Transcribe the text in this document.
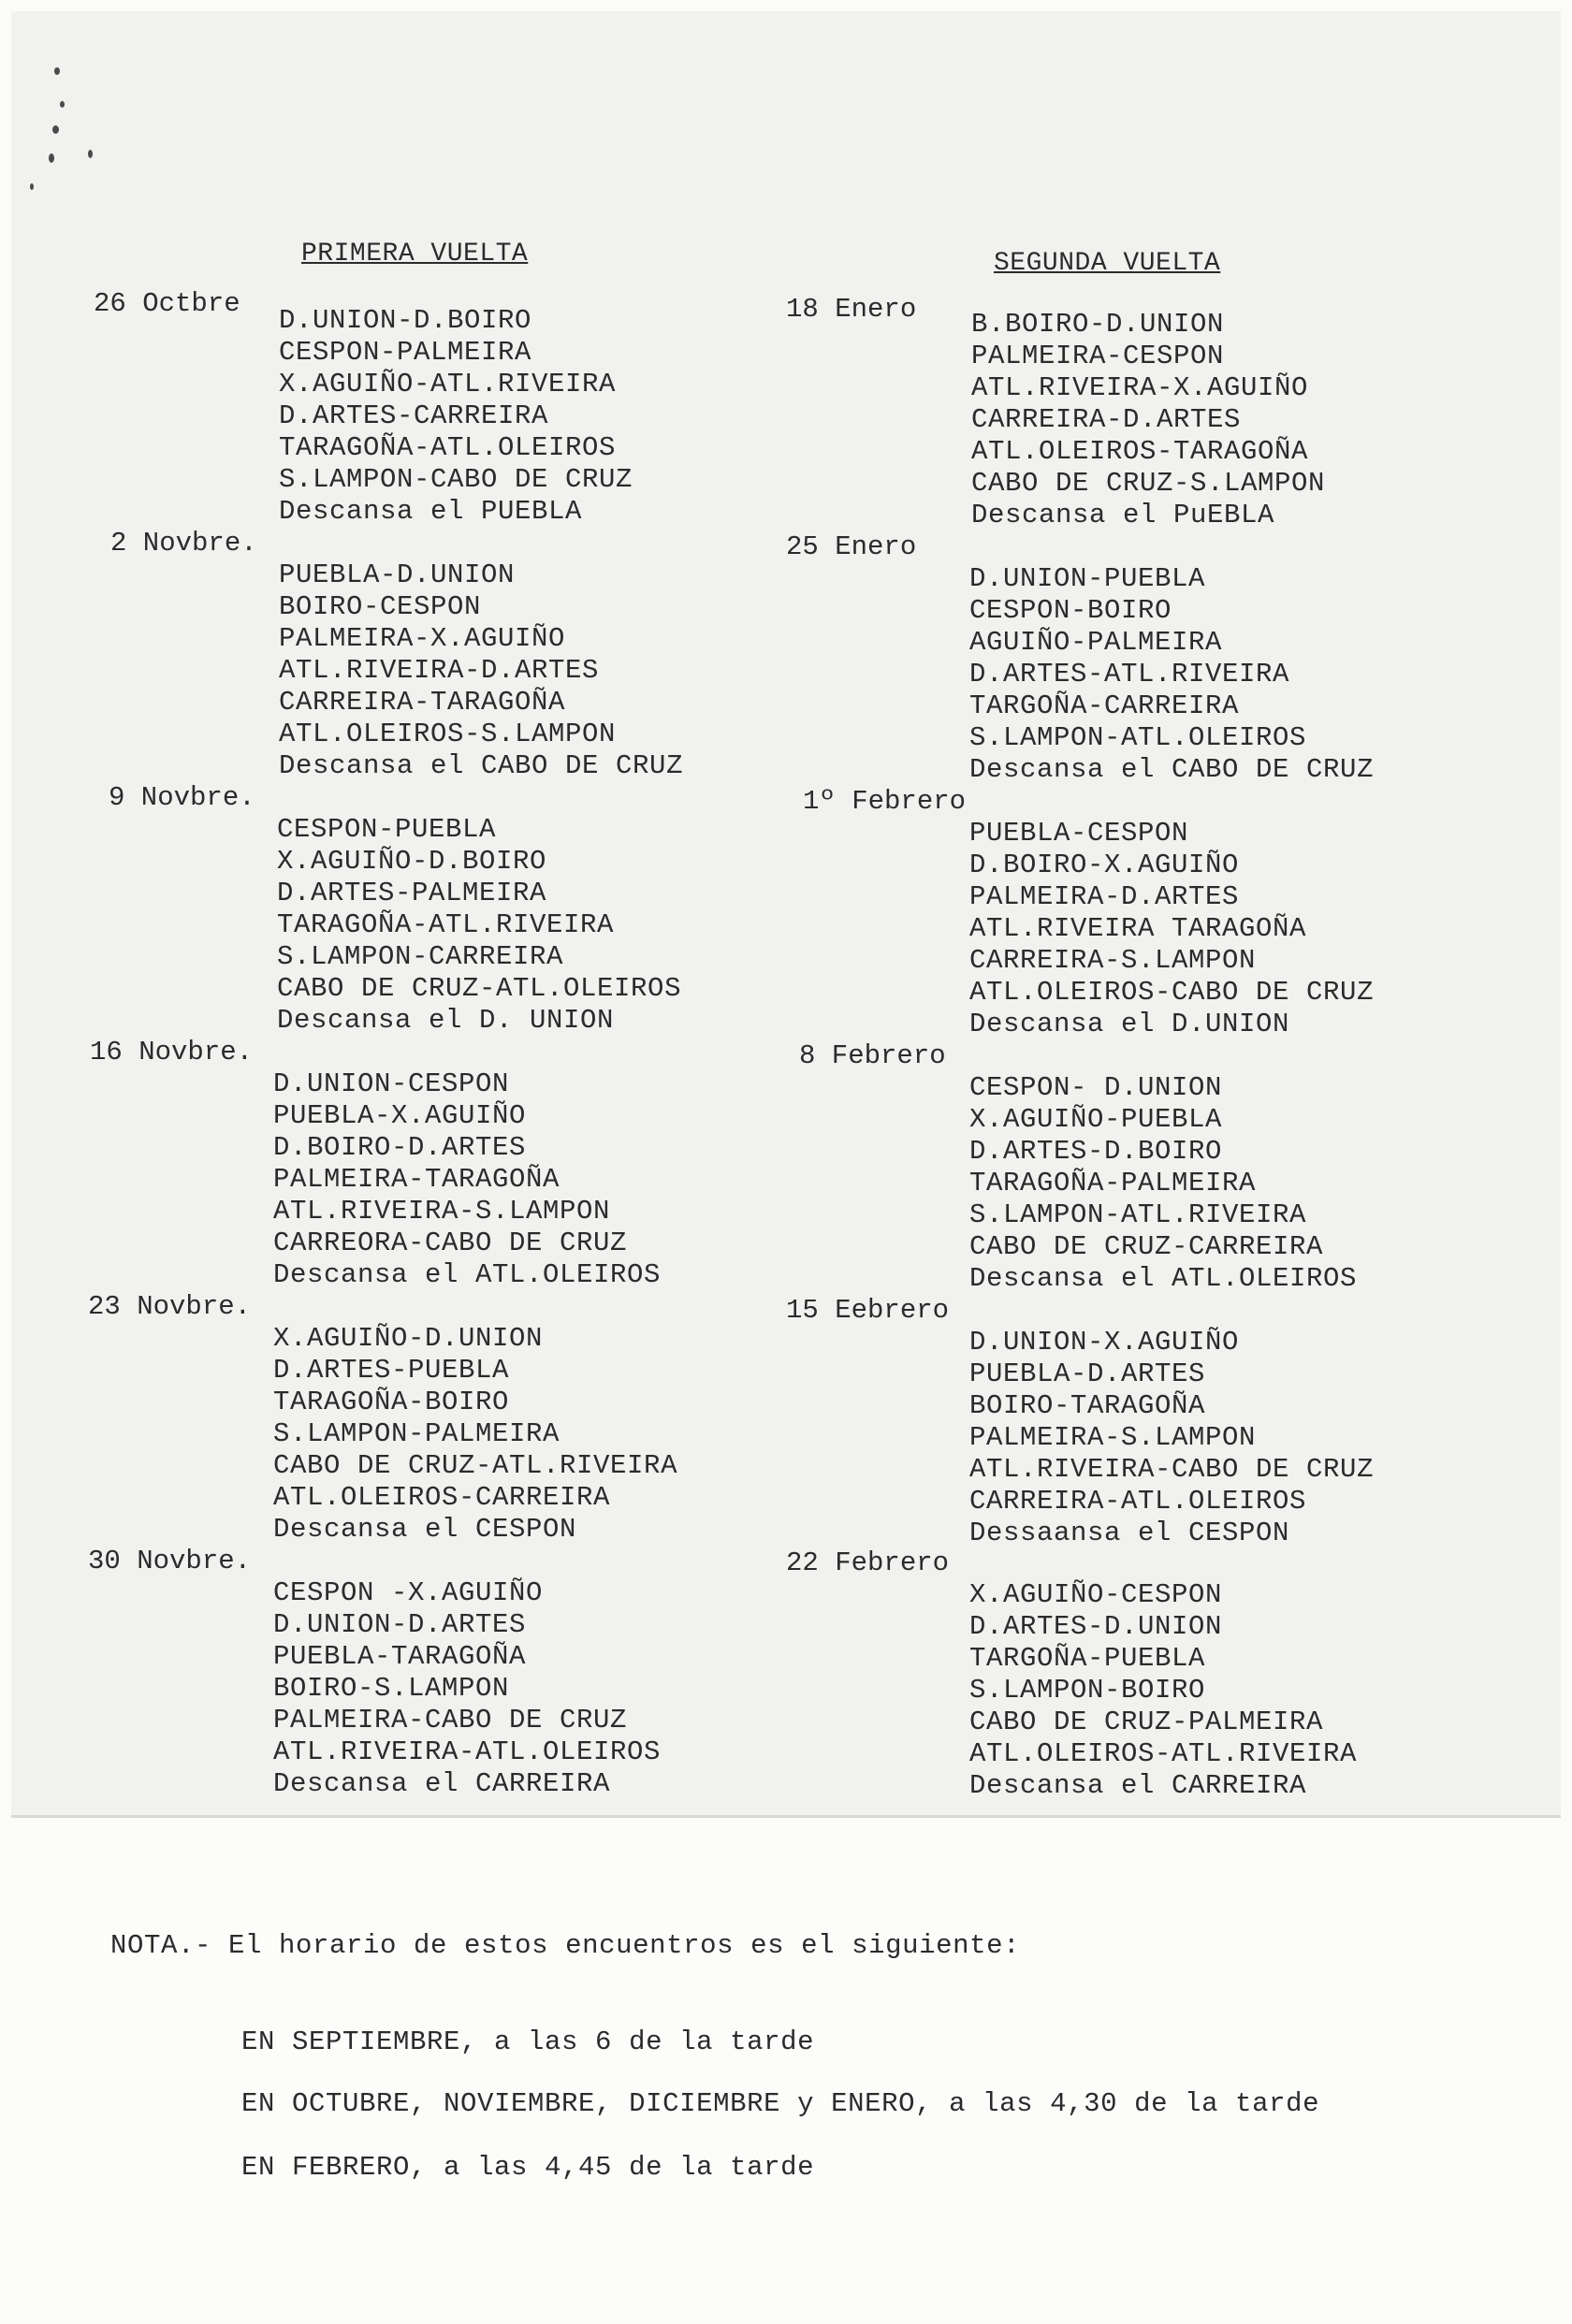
PRIMERA VUELTA
26 Octbre
D.UNION-D.BOIRO
CESPON-PALMEIRA
X.AGUIÑO-ATL.RIVEIRA
D.ARTES-CARREIRA
TARAGOÑA-ATL.OLEIROS
S.LAMPON-CABO DE CRUZ
Descansa el PUEBLA
2 Novbre.
PUEBLA-D.UNION
BOIRO-CESPON
PALMEIRA-X.AGUIÑO
ATL.RIVEIRA-D.ARTES
CARREIRA-TARAGOÑA
ATL.OLEIROS-S.LAMPON
Descansa el CABO DE CRUZ
9 Novbre.
CESPON-PUEBLA
X.AGUIÑO-D.BOIRO
D.ARTES-PALMEIRA
TARAGOÑA-ATL.RIVEIRA
S.LAMPON-CARREIRA
CABO DE CRUZ-ATL.OLEIROS
Descansa el D. UNION
16 Novbre.
D.UNION-CESPON
PUEBLA-X.AGUIÑO
D.BOIRO-D.ARTES
PALMEIRA-TARAGOÑA
ATL.RIVEIRA-S.LAMPON
CARREORA-CABO DE CRUZ
Descansa el ATL.OLEIROS
23 Novbre.
X.AGUIÑO-D.UNION
D.ARTES-PUEBLA
TARAGOÑA-BOIRO
S.LAMPON-PALMEIRA
CABO DE CRUZ-ATL.RIVEIRA
ATL.OLEIROS-CARREIRA
Descansa el CESPON
30 Novbre.
CESPON -X.AGUIÑO
D.UNION-D.ARTES
PUEBLA-TARAGOÑA
BOIRO-S.LAMPON
PALMEIRA-CABO DE CRUZ
ATL.RIVEIRA-ATL.OLEIROS
Descansa el CARREIRA
SEGUNDA VUELTA
18 Enero B.BOIRO-D.UNION
PALMEIRA-CESPON
ATL.RIVEIRA-X.AGUIÑO
CARREIRA-D.ARTES
ATL.OLEIROS-TARAGOÑA
CABO DE CRUZ-S.LAMPON
Descansa el PuEBLA
25 Enero
D.UNION-PUEBLA
CESPON-BOIRO
AGUIÑO-PALMEIRA
D.ARTES-ATL.RIVEIRA
TARGOÑA-CARREIRA
S.LAMPON-ATL.OLEIROS
Descansa el CABO DE CRUZ
1º Febrero
PUEBLA-CESPON
D.BOIRO-X.AGUIÑO
PALMEIRA-D.ARTES
ATL.RIVEIRA TARAGOÑA
CARREIRA-S.LAMPON
ATL.OLEIROS-CABO DE CRUZ
Descansa el D.UNION
8 Febrero
CESPON- D.UNION
X.AGUIÑO-PUEBLA
D.ARTES-D.BOIRO
TARAGOÑA-PALMEIRA
S.LAMPON-ATL.RIVEIRA
CABO DE CRUZ-CARREIRA
Descansa el ATL.OLEIROS
15 Eebrero
D.UNION-X.AGUIÑO
PUEBLA-D.ARTES
BOIRO-TARAGOÑA
PALMEIRA-S.LAMPON
ATL.RIVEIRA-CABO DE CRUZ
CARREIRA-ATL.OLEIROS
Dessaansa el CESPON
22 Febrero
X.AGUIÑO-CESPON
D.ARTES-D.UNION
TARGOÑA-PUEBLA
S.LAMPON-BOIRO
CABO DE CRUZ-PALMEIRA
ATL.OLEIROS-ATL.RIVEIRA
Descansa el CARREIRA
NOTA.- El horario de estos encuentros es el siguiente:
EN SEPTIEMBRE, a las 6 de la tarde
EN OCTUBRE, NOVIEMBRE, DICIEMBRE y ENERO, a las 4,30 de la tarde
EN FEBRERO, a las 4,45 de la tarde
